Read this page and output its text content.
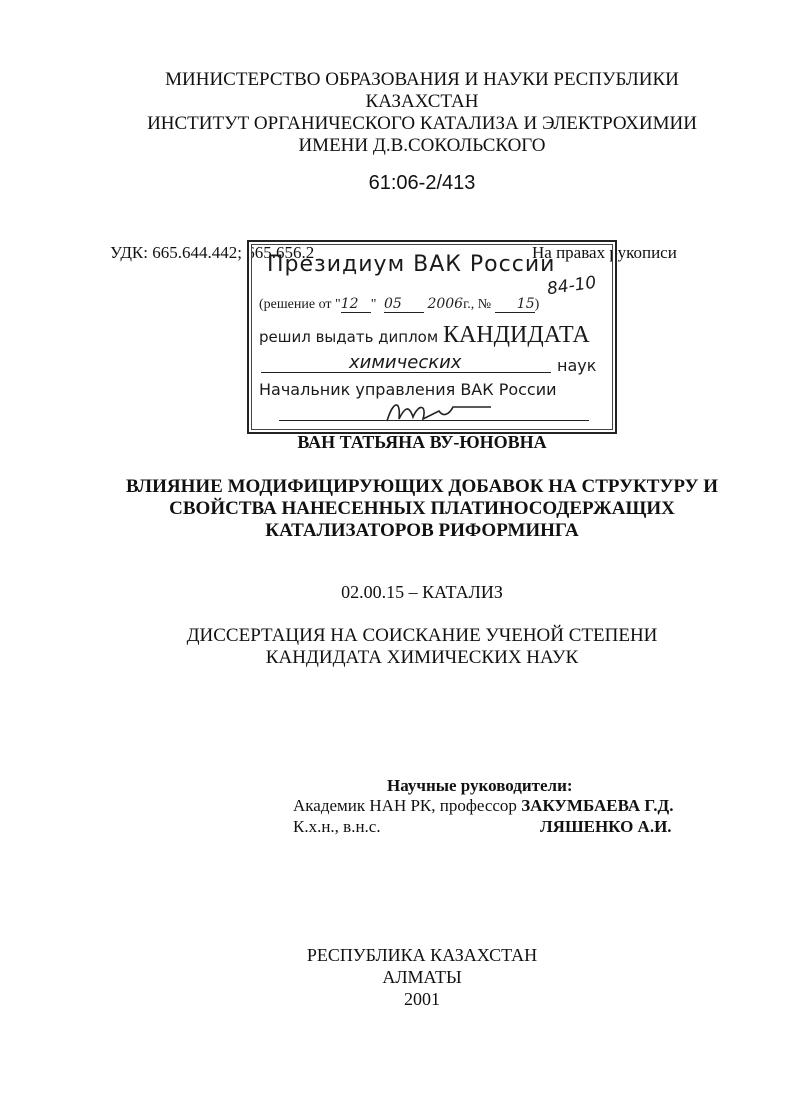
МИНИСТЕРСТВО ОБРАЗОВАНИЯ И НАУКИ РЕСПУБЛИКИ
КАЗАХСТАН
ИНСТИТУТ ОРГАНИЧЕСКОГО КАТАЛИЗА И ЭЛЕКТРОХИМИИ
ИМЕНИ Д.В.СОКОЛЬСКОГО
61:06-2/413
УДК: 665.644.442; 665.656.2	На правах рукописи
Президиум ВАК России
84-10
(решение от "12 " 05 2006г., № 15)
решил выдать диплом КАНДИДАТА
химических	наук
Начальник управления ВАК России
ВАН ТАТЬЯНА ВУ-ЮНОВНА
ВЛИЯНИЕ МОДИФИЦИРУЮЩИХ ДОБАВОК НА СТРУКТУРУ И
СВОЙСТВА НАНЕСЕННЫХ ПЛАТИНОСОДЕРЖАЩИХ
КАТАЛИЗАТОРОВ РИФОРМИНГА
02.00.15 – КАТАЛИЗ
ДИССЕРТАЦИЯ НА СОИСКАНИЕ УЧЕНОЙ СТЕПЕНИ
КАНДИДАТА ХИМИЧЕСКИХ НАУК
Научные руководители:
Академик НАН РК, профессор ЗАКУМБАЕВА Г.Д.
К.х.н., в.н.с.	ЛЯШЕНКО А.И.
РЕСПУБЛИКА КАЗАХСТАН
АЛМАТЫ
2001
